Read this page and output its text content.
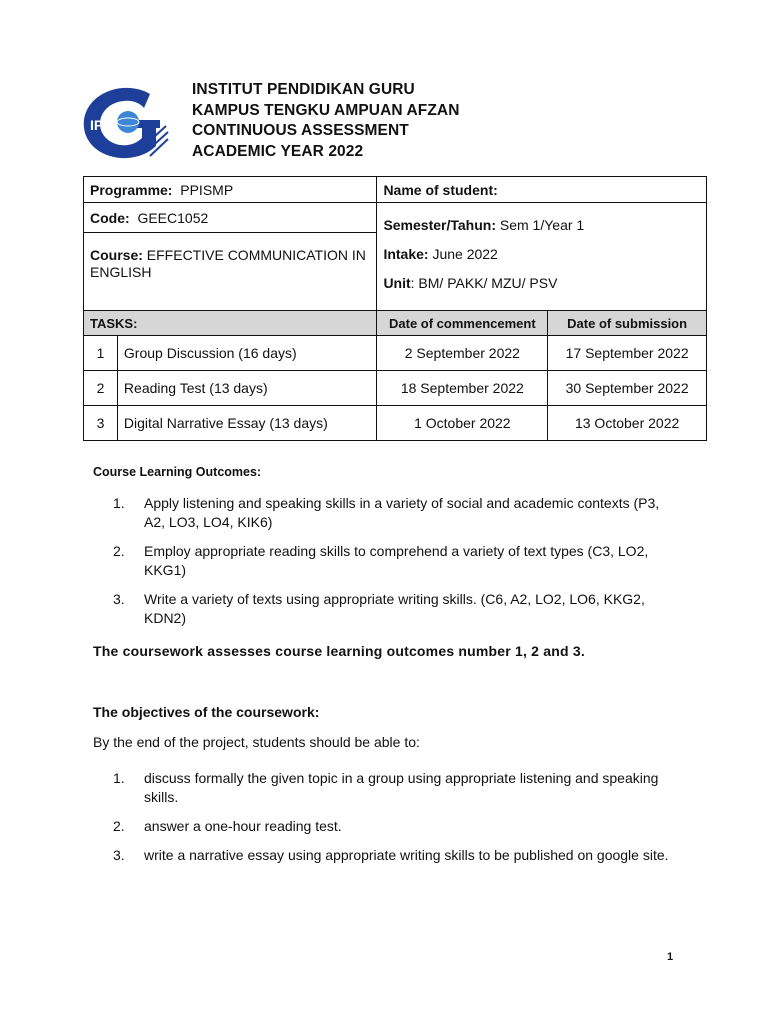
IPG
INSTITUT PENDIDIKAN GURU
KAMPUS TENGKU AMPUAN AFZAN
CONTINUOUS ASSESSMENT
ACADEMIC YEAR 2022
Programme: PPISMP		Name of student:	
Code: GEEC1052		Semester/Tahun: Sem 1/Year 1
Intake: June 2022
Unit: BM/ PAKK/ MZU/ PSV	

Course: EFFECTIVE COMMUNICATION IN ENGLISH			
TASKS:		Date of commencement	Date of submission
1	Group Discussion (16 days)	2 September 2022	17 September 2022
2	Reading Test (13 days)	18 September 2022	30 September 2022
3	Digital Narrative Essay (13 days)	1 October 2022	13 October 2022
Course Learning Outcomes:
1. Apply listening and speaking skills in a variety of social and academic contexts (P3, A2, LO3, LO4, KIK6)
2. Employ appropriate reading skills to comprehend a variety of text types (C3, LO2, KKG1)
3. Write a variety of texts using appropriate writing skills. (C6, A2, LO2, LO6, KKG2, KDN2)
The coursework assesses course learning outcomes number 1, 2 and 3.
The objectives of the coursework:
By the end of the project, students should be able to:
1. discuss formally the given topic in a group using appropriate listening and speaking skills.
2. answer a one-hour reading test.
3. write a narrative essay using appropriate writing skills to be published on google site.
1
